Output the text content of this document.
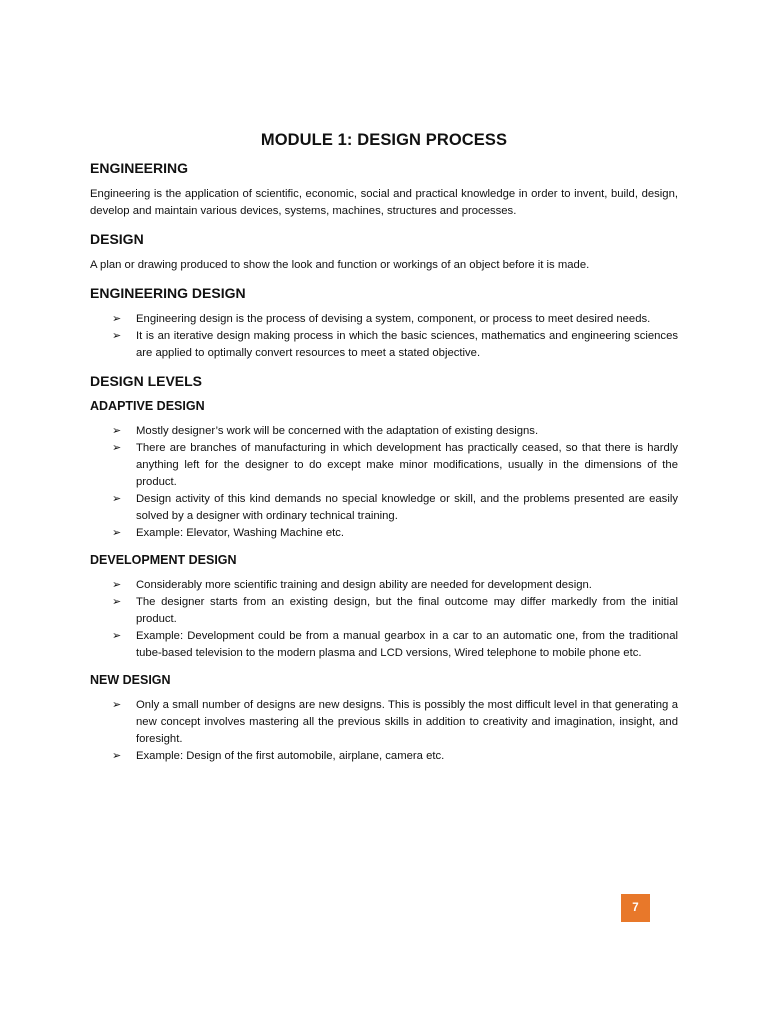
MODULE 1: DESIGN PROCESS
ENGINEERING

Engineering is the application of scientific, economic, social and practical knowledge in order to invent, build, design, develop and maintain various devices, systems, machines, structures and processes.

DESIGN

A plan or drawing produced to show the look and function or workings of an object before it is made.

ENGINEERING DESIGN
➢ Engineering design is the process of devising a system, component, or process to meet desired needs.
➢ It is an iterative design making process in which the basic sciences, mathematics and engineering sciences are applied to optimally convert resources to meet a stated objective.
DESIGN LEVELS
ADAPTIVE DESIGN
➢ Mostly designer’s work will be concerned with the adaptation of existing designs.
➢ There are branches of manufacturing in which development has practically ceased, so that there is hardly anything left for the designer to do except make minor modifications, usually in the dimensions of the product.
➢ Design activity of this kind demands no special knowledge or skill, and the problems presented are easily solved by a designer with ordinary technical training.
➢ Example: Elevator, Washing Machine etc.
DEVELOPMENT DESIGN
➢ Considerably more scientific training and design ability are needed for development design.
➢ The designer starts from an existing design, but the final outcome may differ markedly from the initial product.
➢ Example: Development could be from a manual gearbox in a car to an automatic one, from the traditional tube-based television to the modern plasma and LCD versions, Wired telephone to mobile phone etc.
NEW DESIGN
➢ Only a small number of designs are new designs. This is possibly the most difficult level in that generating a new concept involves mastering all the previous skills in addition to creativity and imagination, insight, and foresight.
➢ Example: Design of the first automobile, airplane, camera etc.
7
